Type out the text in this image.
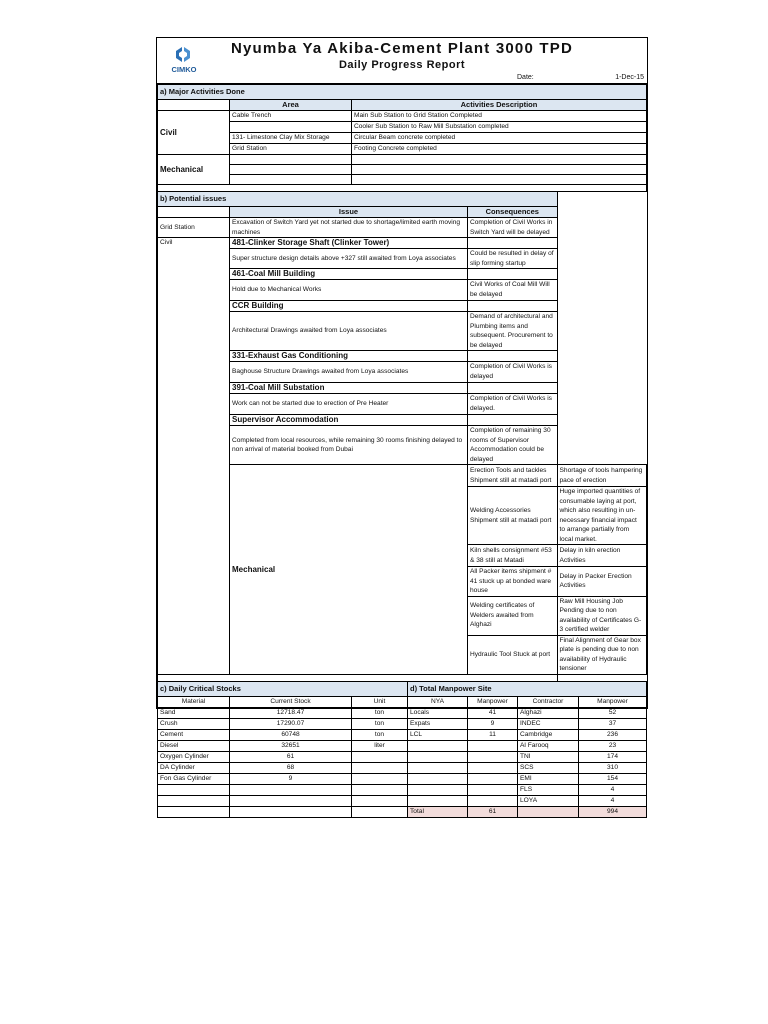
CIMKO
Nyumba Ya Akiba-Cement Plant 3000 TPD
Daily Progress Report
Date:	1-Dec-15
a) Major Activities Done		
	Area	Activities Description
Civil	Cable Trench	Main Sub Station to Grid Station Completed
		Cooler Sub Station to Raw Mill Substation completed
	131- Limestone Clay Mix Storage	Circular Beam concrete completed
	Grid Station	Footing Concrete completed
Mechanical		

b) Potential issues			
	Issue	Consequences	
Grid Station	Excavation of Switch Yard yet not started due to shortage/limited earth moving machines	Completion of Civil Works in Switch Yard will be delayed	
Civil	481-Clinker Storage Shaft (Clinker Tower)		
	Super structure design details above +327 still awaited from Loya associates	Could be resulted in delay of slip forming startup	
	461-Coal Mill Building		
	Hold due to Mechanical Works	Civil Works of Coal Mill Will be delayed	
	CCR Building		
	Architectural Drawings awaited from Loya associates	Demand of architectural and Plumbing items and subsequent. Procurement to be delayed	
	331-Exhaust Gas Conditioning		
	Baghouse Structure Drawings awaited from Loya associates	Completion of Civil Works is delayed	
	391-Coal Mill Substation		
	Work can not be started due to erection of Pre Heater	Completion of Civil Works is delayed.	
	Supervisor Accommodation		
	Completed from local resources, while remaining 30 rooms finishing delayed to non arrival of material booked from Dubai	Completion of remaining 30 rooms of Supervisor Accommodation could be delayed	
	Mechanical	Erection Tools and tackles Shipment still at matadi port	Shortage of tools hampering pace of erection
		Welding Accessories Shipment still at matadi port	Huge imported quantities of consumable laying at port, which also resulting in un-necessary financial impact to arrange partially from local market.
		Kiln shells consignment #53 & 38 still at Matadi	Delay in kiln erection Activities
		All Packer items shipment # 41 stuck up at bonded ware house	Delay in Packer Erection Activities
		Welding certificates of Welders awaited from Alghazi	Raw Mill Housing Job Pending due to non availability of Certificates G-3 certified welder
		Hydraulic Tool Stuck at port	Final Alignment of Gear box plate is pending due to non availability of Hydraulic tensioner

c) Daily Critical Stocks			d) Total Manpower Site			
Material	Current Stock	Unit	NYA	Manpower	Contractor	Manpower
Sand	12718.47	ton	Locals	41	Alghazi	52
Crush	17290.07	ton	Expats	9	INDEC	37
Cement	60748	ton	LCL	11	Cambridge	236
Diesel	32651	liter			Al Farooq	23
Oxygen Cylinder	61				TNI	174
DA Cylinder	68				SCS	310
Fon Gas Cylinder	9				EMI	154
					FLS	4
					LOYA	4
			Total	61		994
